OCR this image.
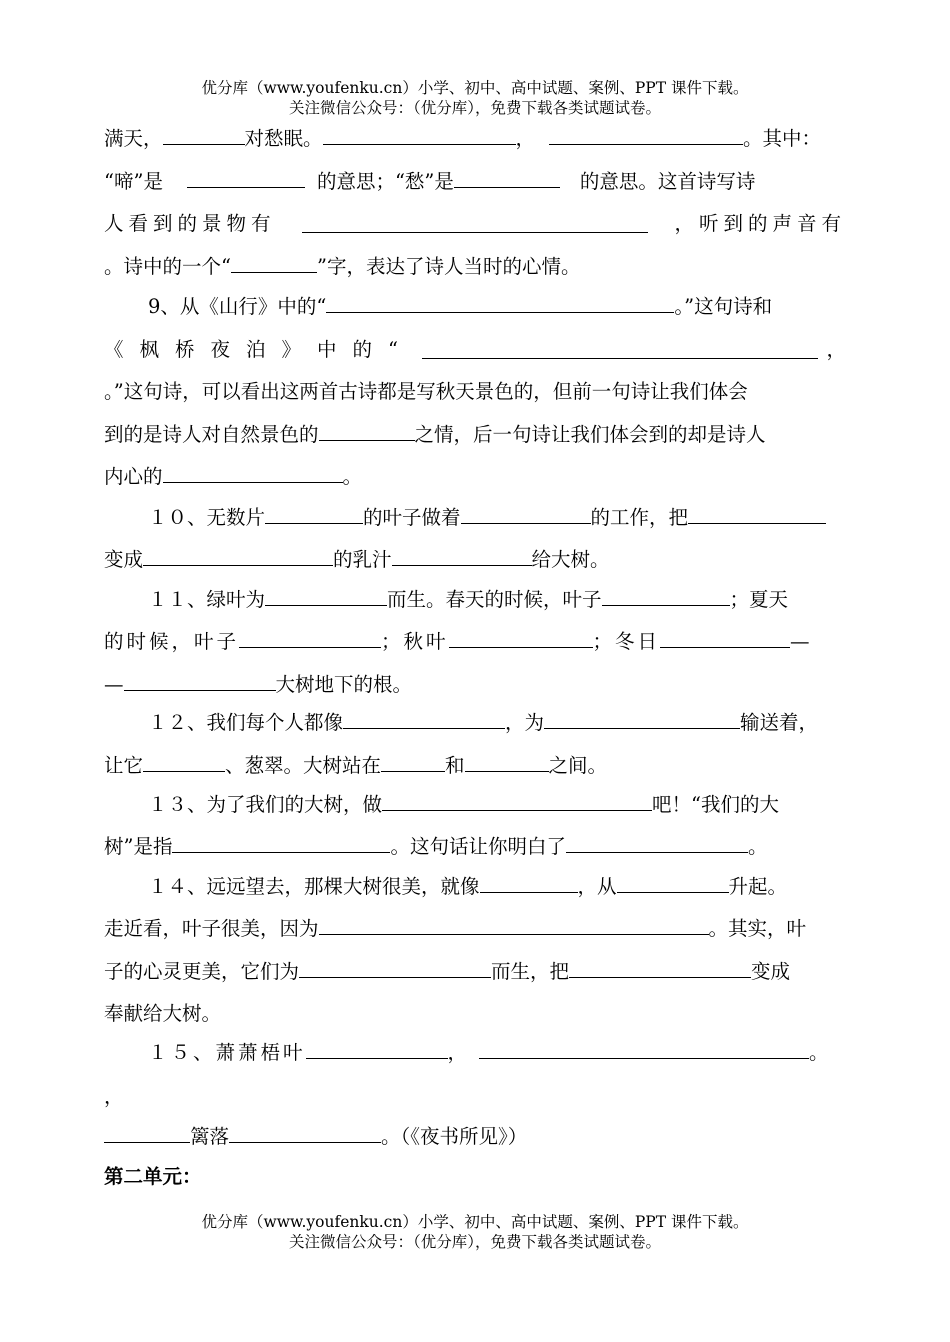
优分库（www.youfenku.cn）小学、初中、高中试题、案例、PPT 课件下载。
关注微信公众号：（优分库），免费下载各类试题试卷。
满天，	对愁眠。	，	。其中：
“啼”是	的意思；“愁”是	的意思。这首诗写诗
人看到的景物有	，听到的声音有
。诗中的一个“	”字，表达了诗人当时的心情。
9、从《山行》中的“	。”这句诗和
《枫桥夜泊》中的“	，
。”这句诗，可以看出这两首古诗都是写秋天景色的，但前一句诗让我们体会
到的是诗人对自然景色的	之情，后一句诗让我们体会到的却是诗人
内心的	。
１０、无数片	的叶子做着	的工作，把
变成	的乳汁	给大树。
１１、绿叶为	而生。春天的时候，叶子	；夏天
的时候，叶子	；秋叶	；冬日	—
—	大树地下的根。
１２、我们每个人都像	，为	输送着，
让它	、葱翠。大树站在	和	之间。
１３、为了我们的大树，做	吧！“我们的大
树”是指	。这句话让你明白了	。
１４、远远望去，那棵大树很美，就像	，从	升起。
走近看，叶子很美，因为	。其实，叶
子的心灵更美，它们为	而生，把	变成
奉献给大树。
１５、萧萧梧叶	，	。
，
篱落	。（《夜书所见》）
第二单元：
优分库（www.youfenku.cn）小学、初中、高中试题、案例、PPT 课件下载。
关注微信公众号：（优分库），免费下载各类试题试卷。
